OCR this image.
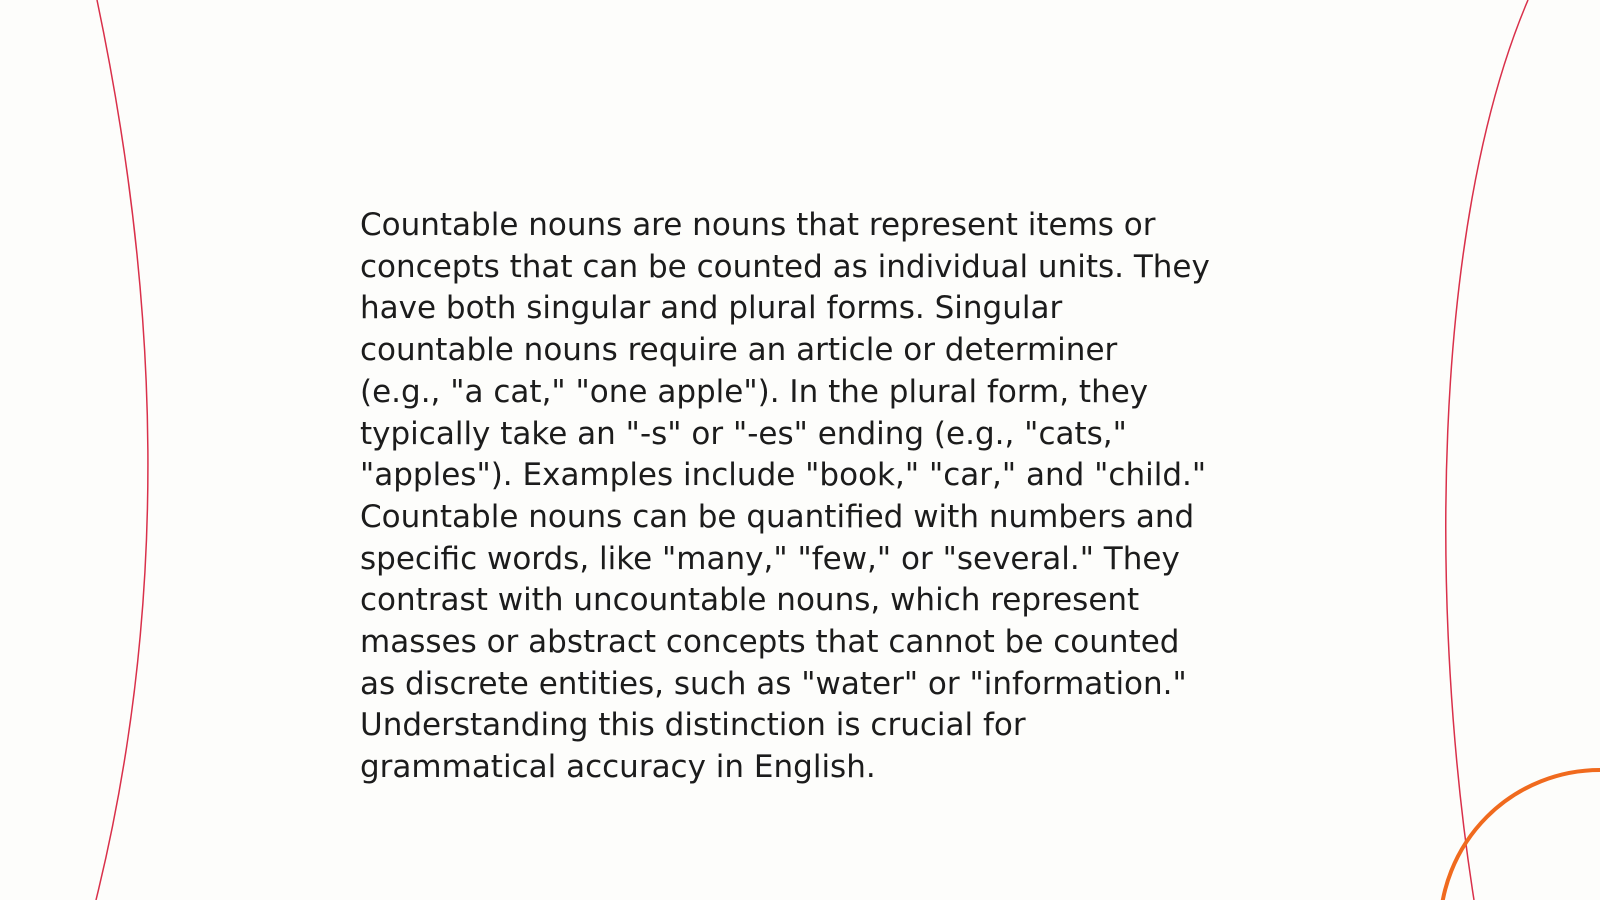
Countable nouns are nouns that represent items or
concepts that can be counted as individual units. They
have both singular and plural forms. Singular
countable nouns require an article or determiner
(e.g., "a cat," "one apple"). In the plural form, they
typically take an "-s" or "-es" ending (e.g., "cats,"
"apples"). Examples include "book," "car," and "child."
Countable nouns can be quantified with numbers and
specific words, like "many," "few," or "several." They
contrast with uncountable nouns, which represent
masses or abstract concepts that cannot be counted
as discrete entities, such as "water" or "information."
Understanding this distinction is crucial for
grammatical accuracy in English.
